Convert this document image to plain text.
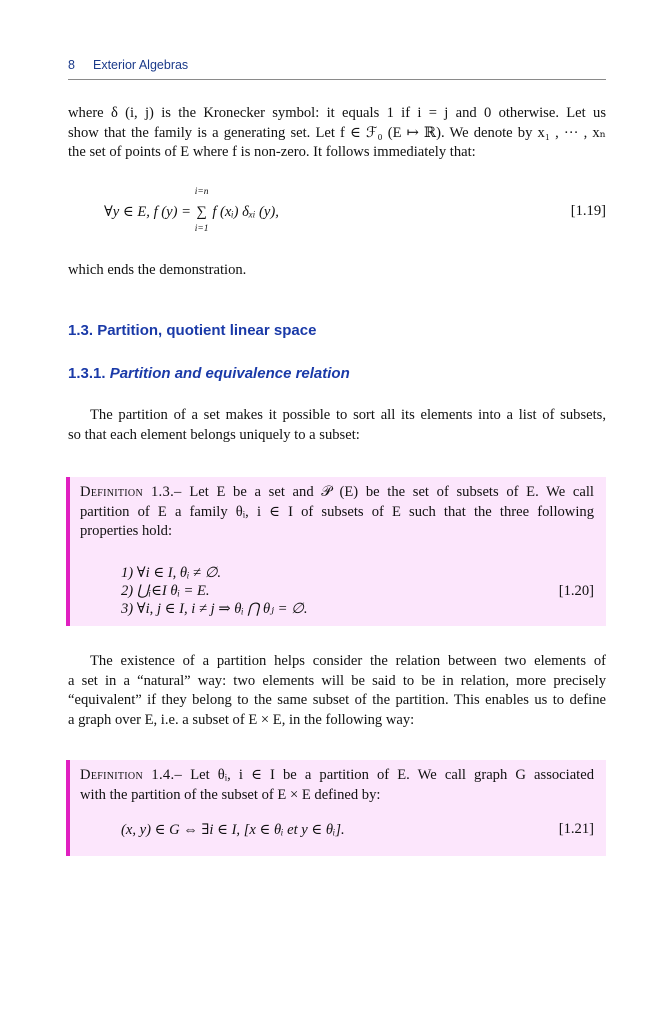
8 Exterior Algebras
where δ (i, j) is the Kronecker symbol: it equals 1 if i = j and 0 otherwise. Let us
show that the family is a generating set. Let f ∈ ℱ₀ (E ↦ ℝ). We denote by x₁ , ··· , xₙ
the set of points of E where f is non-zero. It follows immediately that:
∀y ∈ E, f (y) =
i=n
∑
i=1
f (xᵢ) δₓᵢ (y),	[1.19]
which ends the demonstration.
1.3. Partition, quotient linear space
1.3.1. Partition and equivalence relation
The partition of a set makes it possible to sort all its elements into a list of subsets,
so that each element belongs uniquely to a subset:
Definition 1.3.– Let E be a set and 𝒫 (E) be the set of subsets of E. We call
partition of E a family θᵢ, i ∈ I of subsets of E such that the three following
properties hold:
1) ∀i ∈ I, θᵢ ≠ ∅.
2) ⋃ᵢ∈I θᵢ = E.
3) ∀i, j ∈ I, i ≠ j ⇒ θᵢ ⋂ θⱼ = ∅.
[1.20]
The existence of a partition helps consider the relation between two elements of
a set in a “natural” way: two elements will be said to be in relation, more precisely
“equivalent” if they belong to the same subset of the partition. This enables us to define
a graph over E, i.e. a subset of E × E, in the following way:
Definition 1.4.– Let θᵢ, i ∈ I be a partition of E. We call graph G associated
with the partition of the subset of E × E defined by:
(x, y) ∈ G ⇔ ∃i ∈ I, [x ∈ θᵢ et y ∈ θᵢ].	[1.21]
